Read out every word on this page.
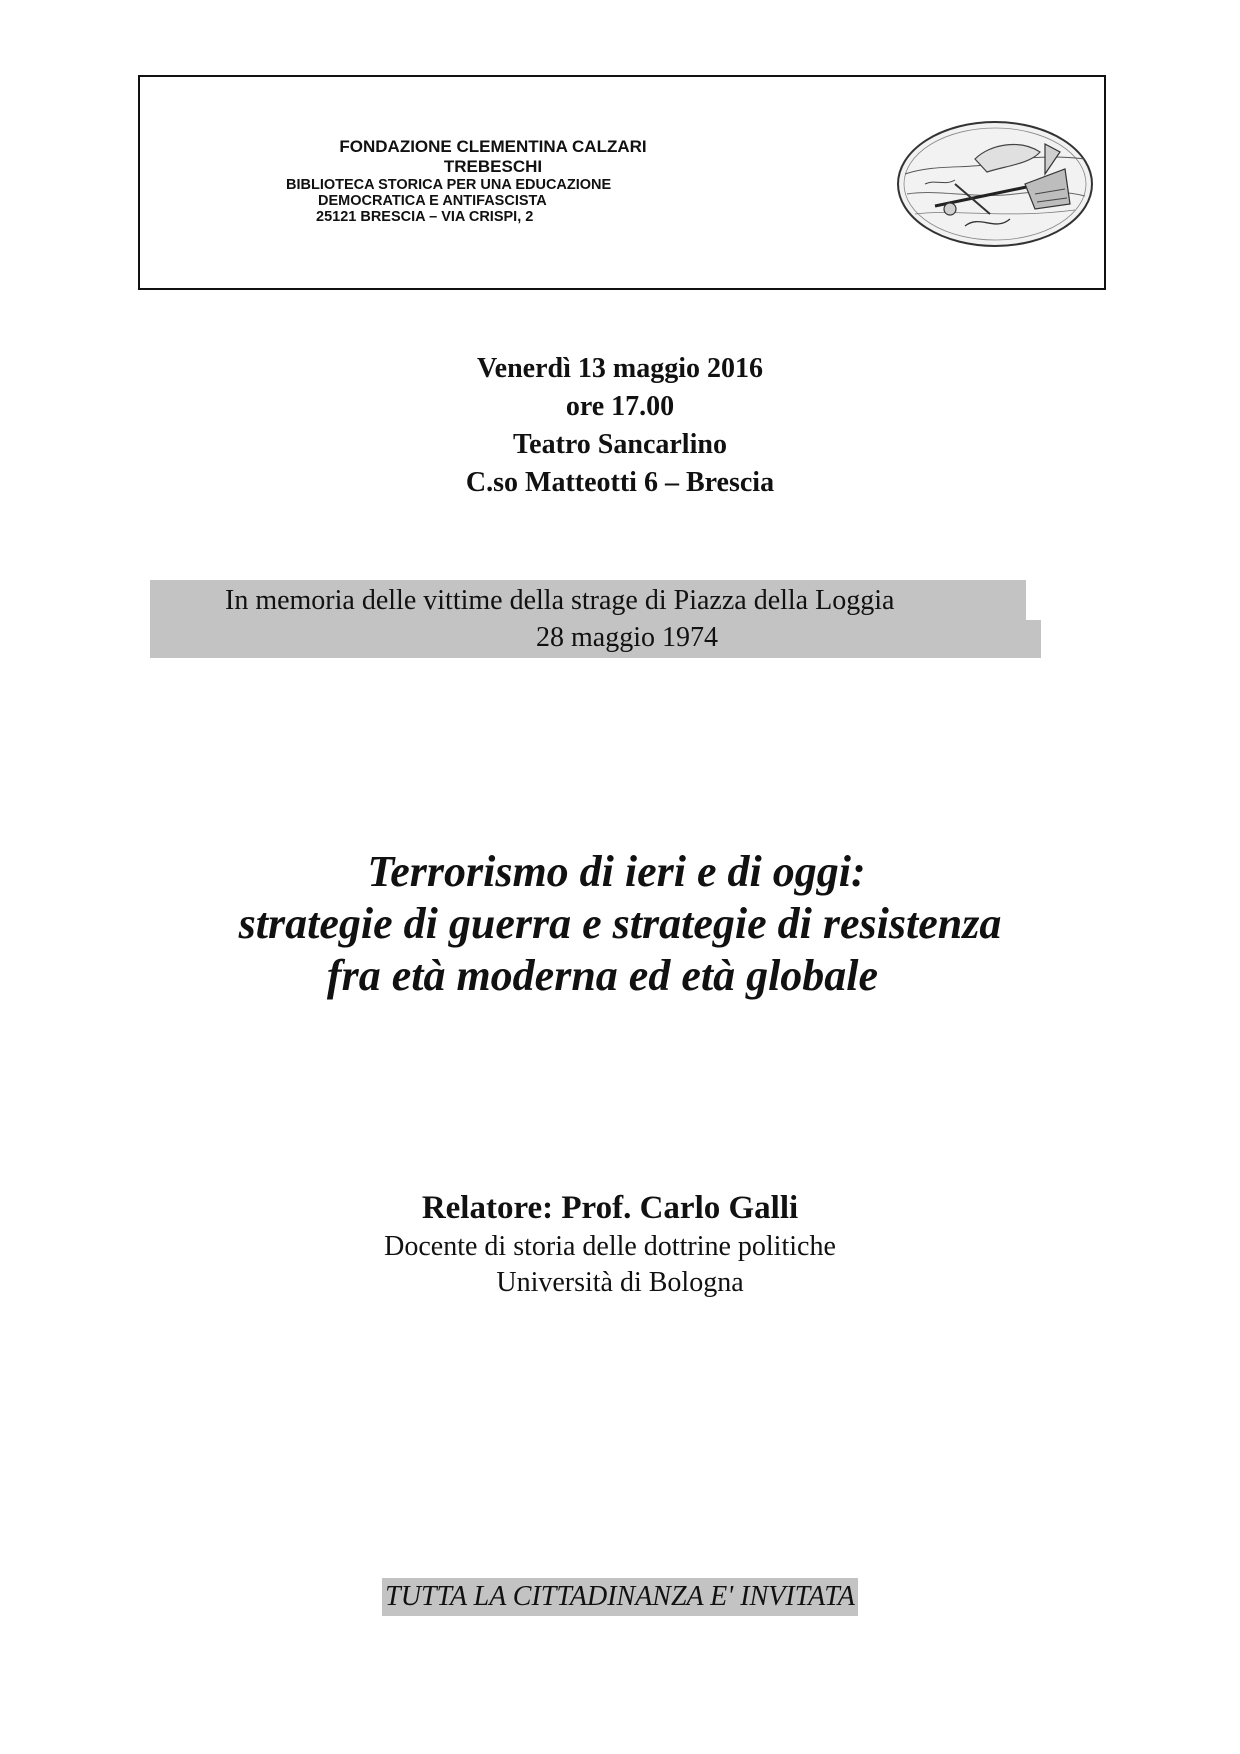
FONDAZIONE CLEMENTINA CALZARI
TREBESCHI
BIBLIOTECA STORICA PER UNA EDUCAZIONE
DEMOCRATICA E ANTIFASCISTA
25121 BRESCIA – VIA CRISPI, 2
Venerdì 13 maggio 2016
ore 17.00
Teatro Sancarlino
C.so Matteotti 6 – Brescia
In memoria delle vittime della strage di Piazza della Loggia
28 maggio 1974
Terrorismo di ieri e di oggi:
strategie di guerra e strategie di resistenza
fra età moderna ed età globale
Relatore: Prof. Carlo Galli
Docente di storia delle dottrine politiche
Università di Bologna
TUTTA LA CITTADINANZA E' INVITATA
